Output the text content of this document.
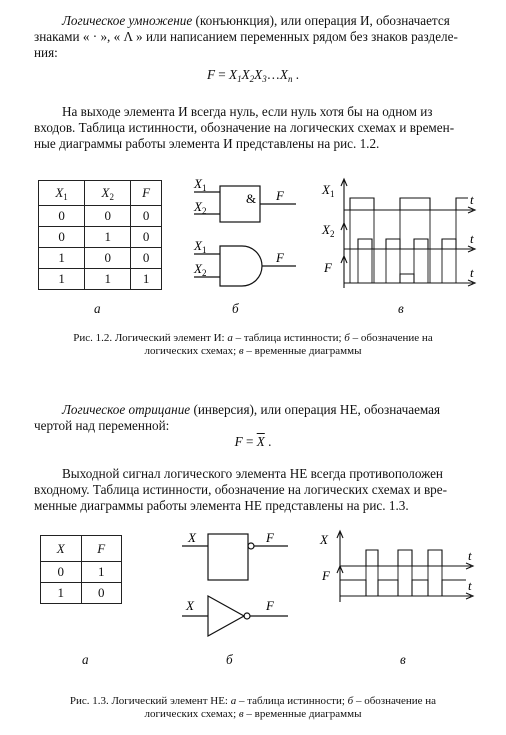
Логическое умножение (конъюнкция), или операция И, обозначается
знаками « · », « Λ » или написанием переменных рядом без знаков разделе-
ния:
$F = X_1X_2X_3\dots X_n$ .
На выходе элемента И всегда нуль, если нуль хотя бы на одном из
входов. Таблица истинности, обозначение на логических схемах и времен-
ные диаграммы работы элемента И представлены на рис. 1.2.
$X_1$	$X_2$	F
0	0	0
0	1	0
1	0	0
1	1	1
&
$X_1$
$X_2$
F
$X_1$
$X_2$
F
$X_1$
$X_2$
F
t
t
t
а	б	в
Рис. 1.2. Логический элемент И: а – таблица истинности; б – обозначение на
логических схемах; в – временные диаграммы
Логическое отрицание (инверсия), или операция НЕ, обозначаемая
чертой над переменной:
$F = \overline{X}$ .
Выходной сигнал логического элемента НЕ всегда противоположен
входному. Таблица истинности, обозначение на логических схемах и вре-
менные диаграммы работы элемента НЕ представлены на рис. 1.3.
X	F
0	1
1	0
X	F
X	F
X
F
t
t
а	б	в
Рис. 1.3. Логический элемент НЕ: а – таблица истинности; б – обозначение на
логических схемах; в – временные диаграммы
